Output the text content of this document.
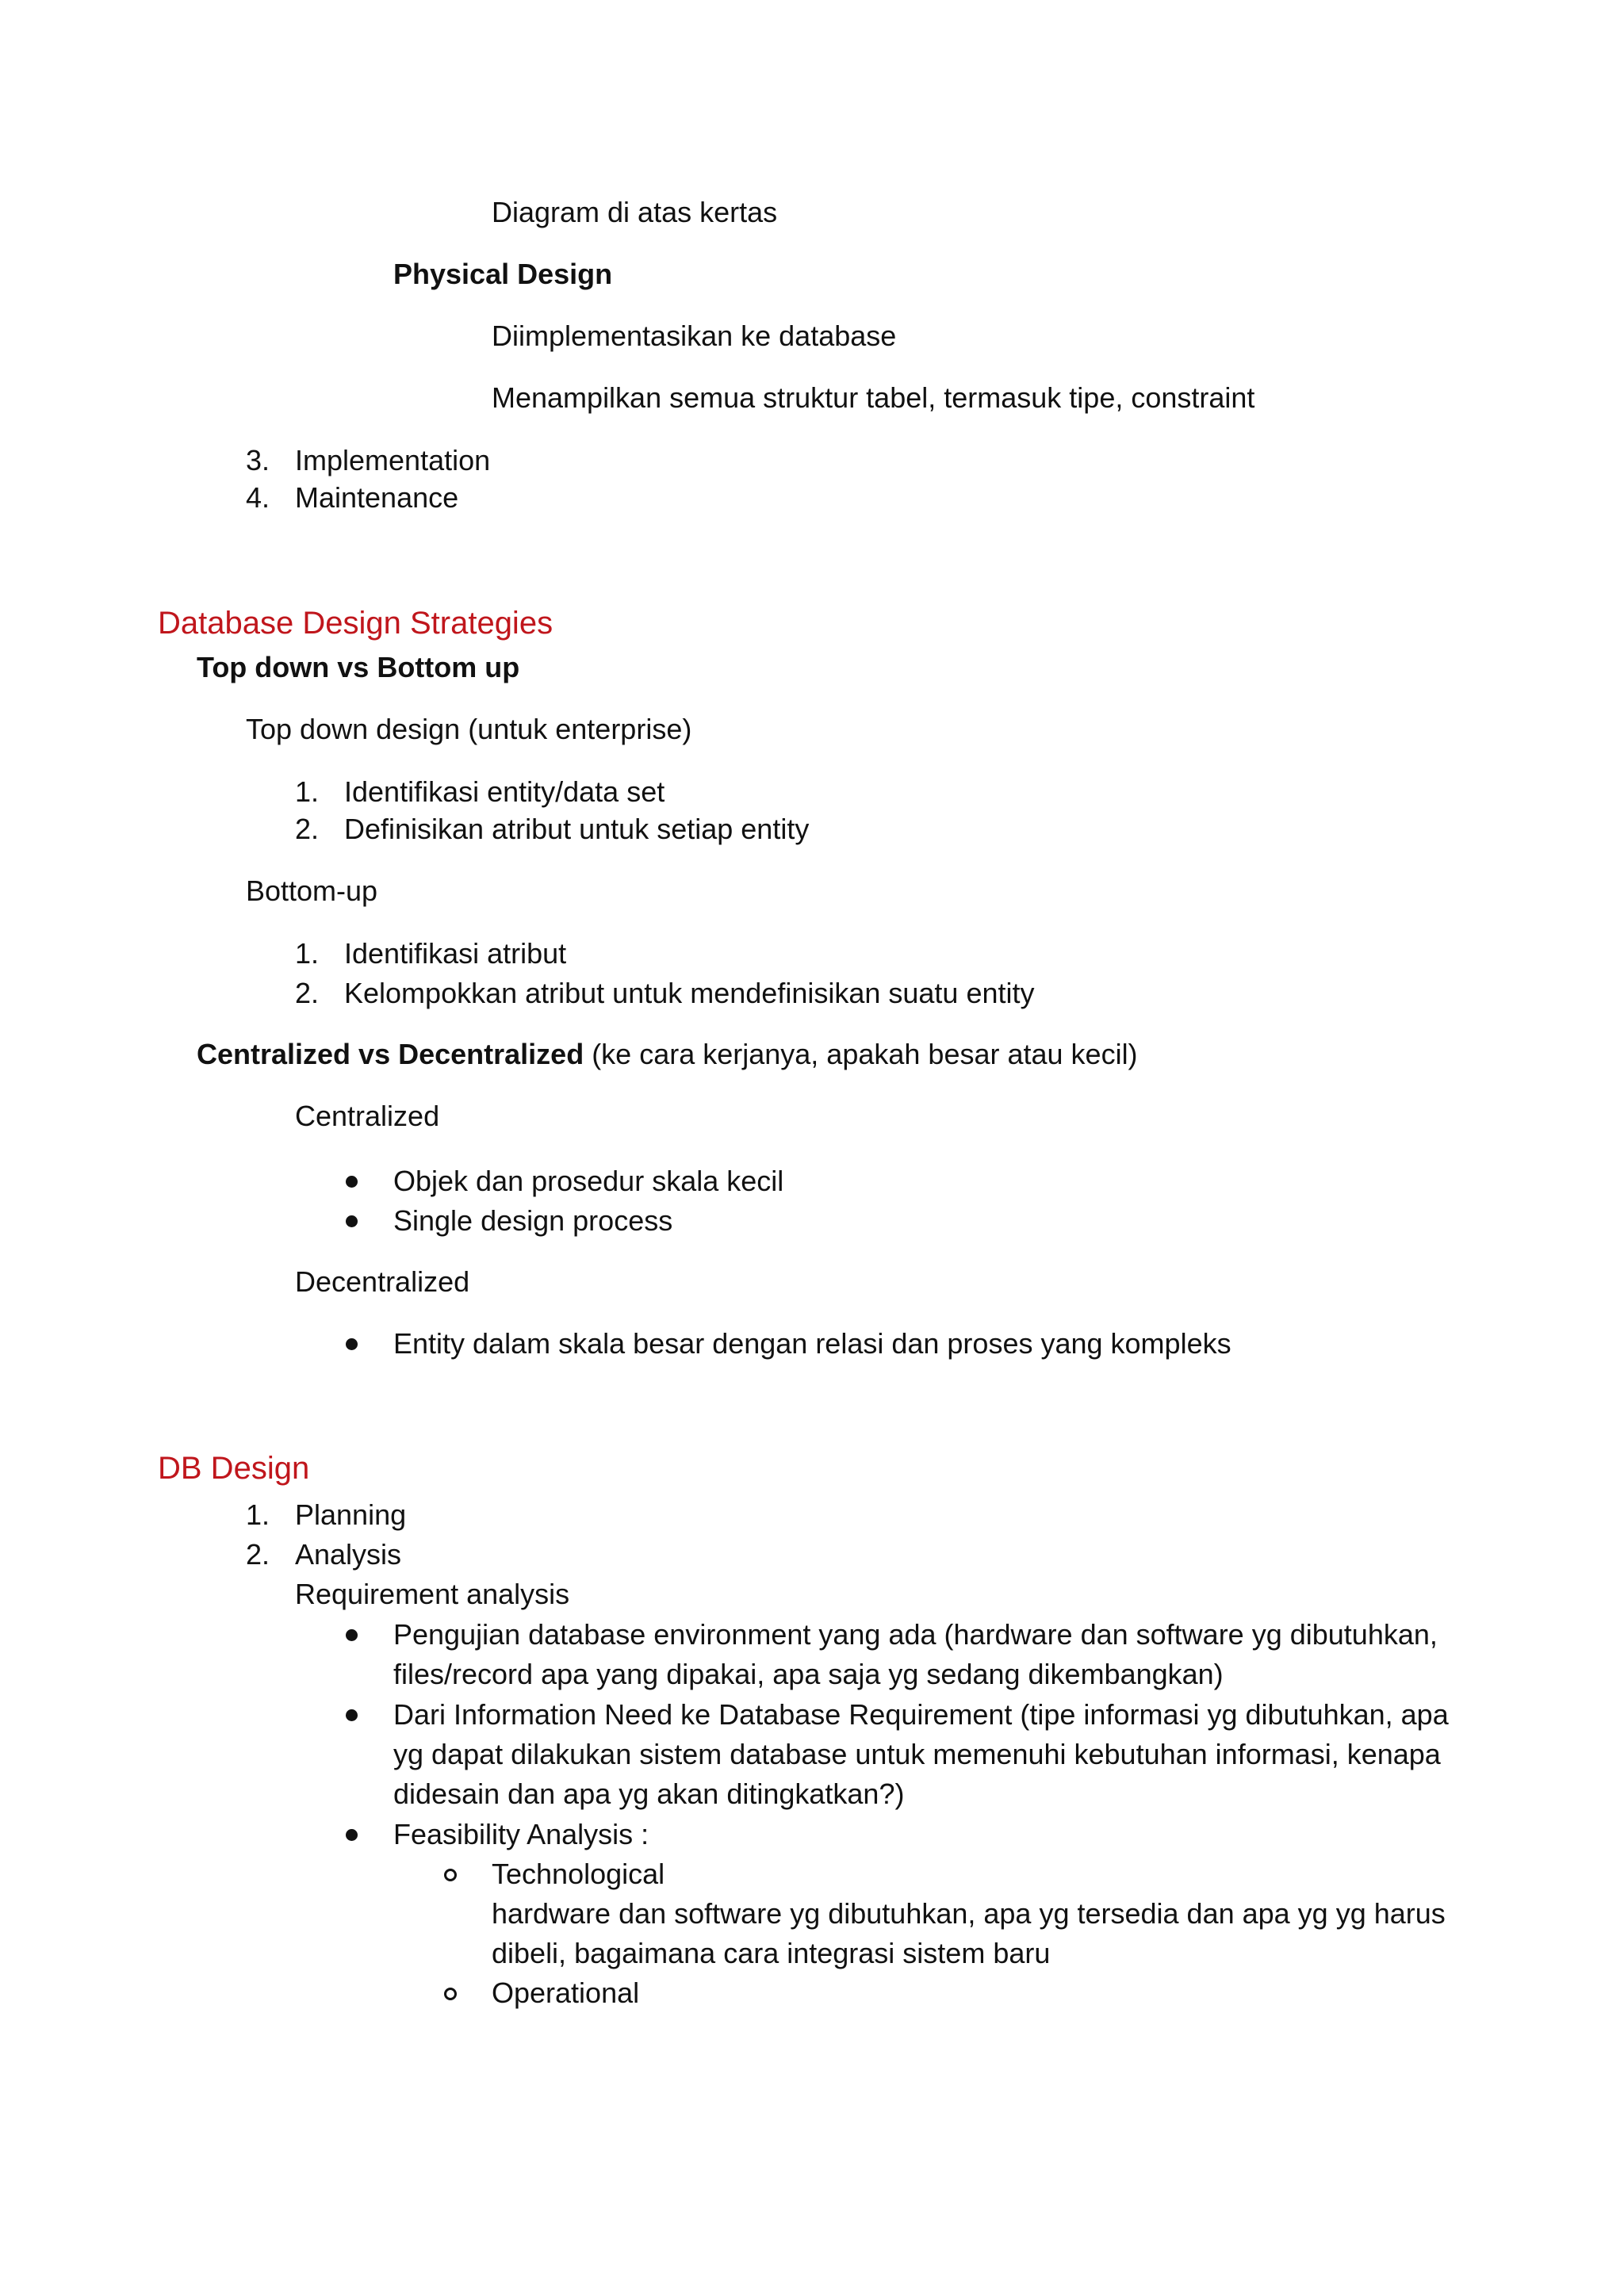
Diagram di atas kertas

Physical Design

Diimplementasikan ke database

Menampilkan semua struktur tabel, termasuk tipe, constraint

3. Implementation
4. Maintenance
Database Design Strategies

Top down vs Bottom up

Top down design (untuk enterprise)

1. Identifikasi entity/data set
2. Definisikan atribut untuk setiap entity

Bottom-up

1. Identifikasi atribut
2. Kelompokkan atribut untuk mendefinisikan suatu entity

Centralized vs Decentralized (ke cara kerjanya, apakah besar atau kecil)

Centralized

Objek dan prosedur skala kecil
Single design process

Decentralized

Entity dalam skala besar dengan relasi dan proses yang kompleks
DB Design
1. Planning
2. Analysis
Requirement analysis
Pengujian database environment yang ada (hardware dan software yg dibutuhkan,
files/record apa yang dipakai, apa saja yg sedang dikembangkan)
Dari Information Need ke Database Requirement (tipe informasi yg dibutuhkan, apa
yg dapat dilakukan sistem database untuk memenuhi kebutuhan informasi, kenapa
didesain dan apa yg akan ditingkatkan?)
Feasibility Analysis :
Technological
hardware dan software yg dibutuhkan, apa yg tersedia dan apa yg yg harus
dibeli, bagaimana cara integrasi sistem baru
Operational
